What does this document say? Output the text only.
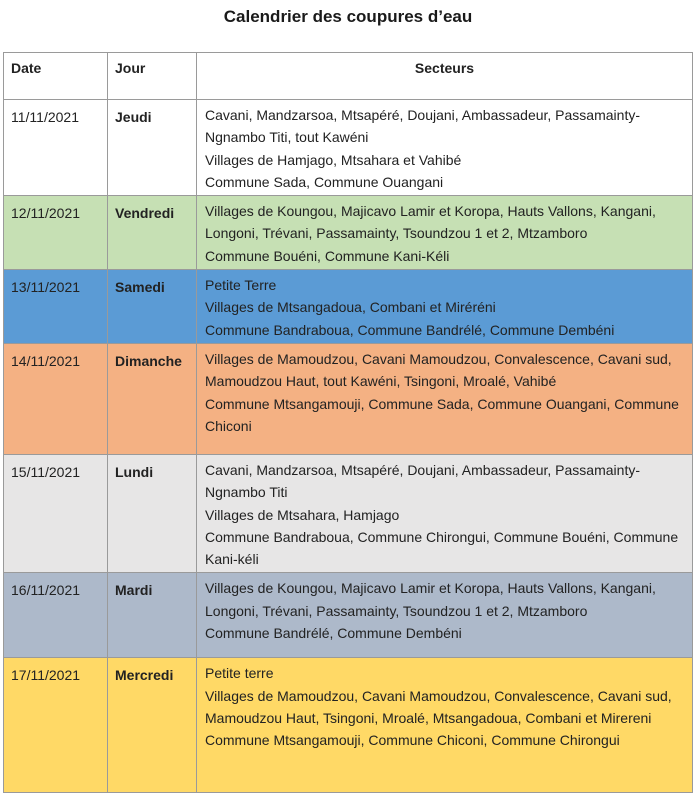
Calendrier des coupures d’eau
Date	Jour	Secteurs
11/11/2021	Jeudi	Cavani, Mandzarsoa, Mtsapéré, Doujani, Ambassadeur, Passamainty-Ngnambo Titi, tout Kawéni
Villages de Hamjago, Mtsahara et Vahibé
Commune Sada, Commune Ouangani

12/11/2021	Vendredi	Villages de Koungou, Majicavo Lamir et Koropa, Hauts Vallons, Kangani, Longoni, Trévani, Passamainty, Tsoundzou 1 et 2, Mtzamboro
Commune Bouéni, Commune Kani-Kéli

13/11/2021	Samedi	Petite Terre
Villages de Mtsangadoua, Combani et Miréréni
Commune Bandraboua, Commune Bandrélé, Commune Dembéni

14/11/2021	Dimanche	Villages de Mamoudzou, Cavani Mamoudzou, Convalescence, Cavani sud, Mamoudzou Haut, tout Kawéni, Tsingoni, Mroalé, Vahibé
Commune Mtsangamouji, Commune Sada, Commune Ouangani, Commune Chiconi

15/11/2021	Lundi	Cavani, Mandzarsoa, Mtsapéré, Doujani, Ambassadeur, Passamainty-Ngnambo Titi
Villages de Mtsahara, Hamjago
Commune Bandraboua, Commune Chirongui, Commune Bouéni, Commune Kani-kéli

16/11/2021	Mardi	Villages de Koungou, Majicavo Lamir et Koropa, Hauts Vallons, Kangani, Longoni, Trévani, Passamainty, Tsoundzou 1 et 2, Mtzamboro
Commune Bandrélé, Commune Dembéni

17/11/2021	Mercredi	Petite terre
Villages de Mamoudzou, Cavani Mamoudzou, Convalescence, Cavani sud, Mamoudzou Haut, Tsingoni, Mroalé, Mtsangadoua, Combani et Mirereni
Commune Mtsangamouji, Commune Chiconi, Commune Chirongui
